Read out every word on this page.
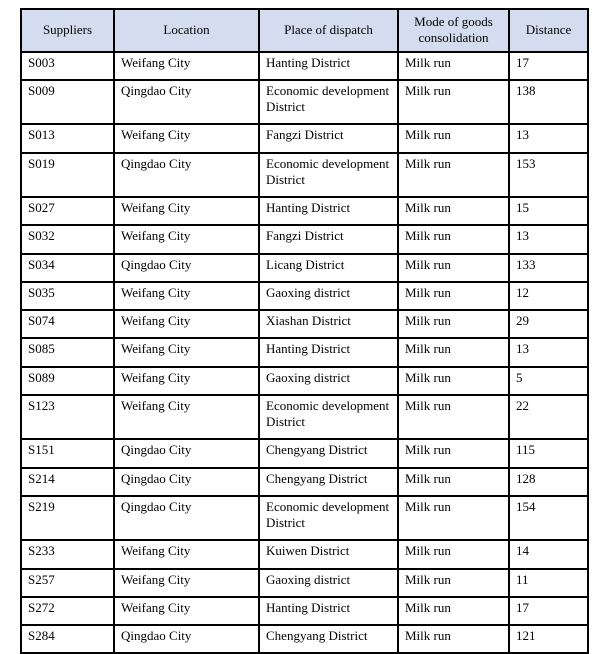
Suppliers	Location	Place of dispatch	Mode of goods consolidation	Distance
S003	Weifang City	Hanting District	Milk run	17
S009	Qingdao City	Economic development District	Milk run	138
S013	Weifang City	Fangzi District	Milk run	13
S019	Qingdao City	Economic development District	Milk run	153
S027	Weifang City	Hanting District	Milk run	15
S032	Weifang City	Fangzi District	Milk run	13
S034	Qingdao City	Licang District	Milk run	133
S035	Weifang City	Gaoxing district	Milk run	12
S074	Weifang City	Xiashan District	Milk run	29
S085	Weifang City	Hanting District	Milk run	13
S089	Weifang City	Gaoxing district	Milk run	5
S123	Weifang City	Economic development District	Milk run	22
S151	Qingdao City	Chengyang District	Milk run	115
S214	Qingdao City	Chengyang District	Milk run	128
S219	Qingdao City	Economic development District	Milk run	154
S233	Weifang City	Kuiwen District	Milk run	14
S257	Weifang City	Gaoxing district	Milk run	11
S272	Weifang City	Hanting District	Milk run	17
S284	Qingdao City	Chengyang District	Milk run	121
